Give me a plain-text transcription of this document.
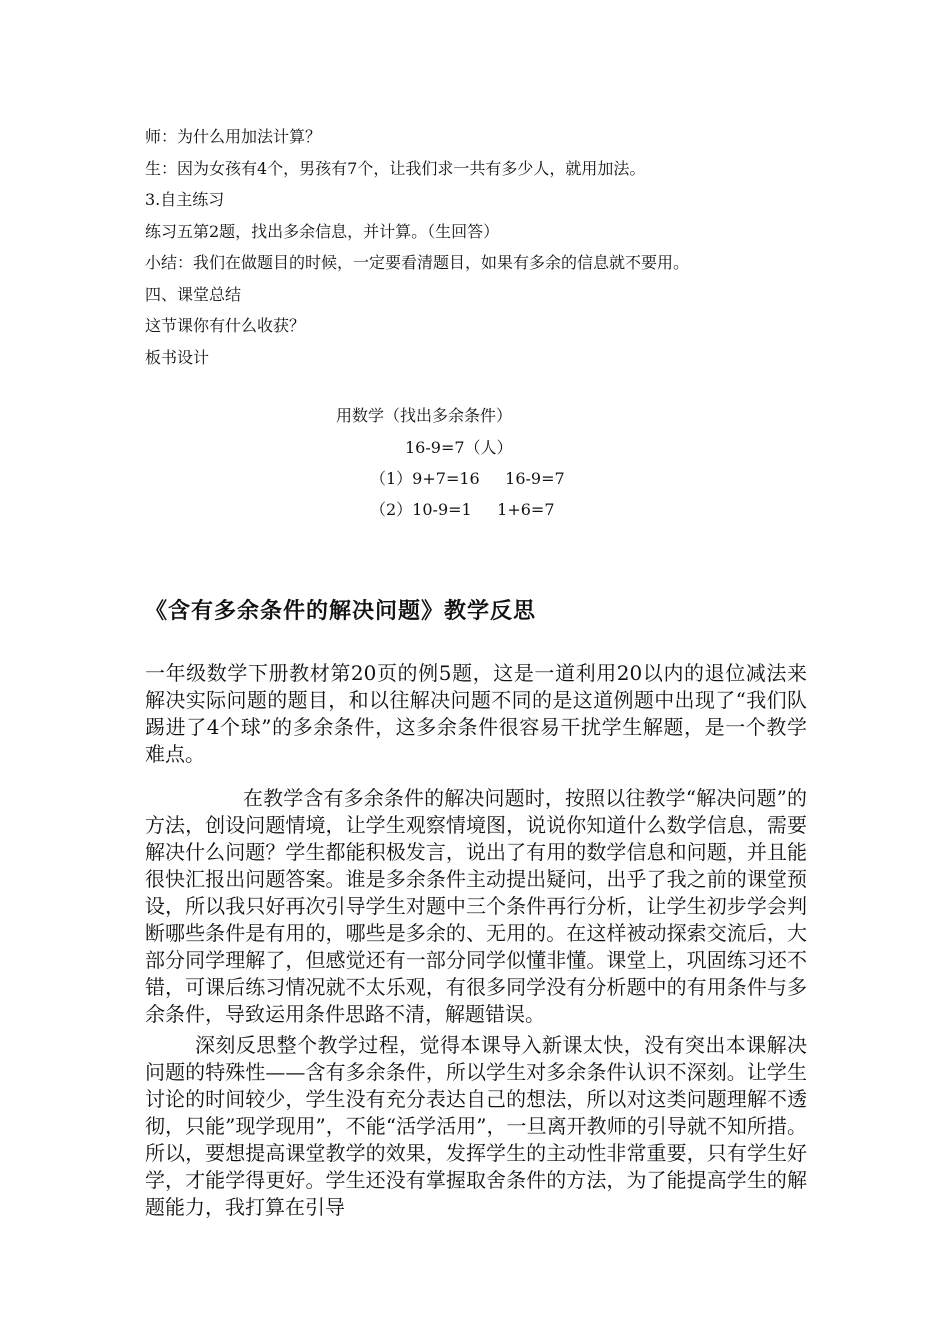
师：为什么用加法计算？
生：因为女孩有4个，男孩有7个，让我们求一共有多少人，就用加法。
3.自主练习
练习五第2题，找出多余信息，并计算。（生回答）
小结：我们在做题目的时候，一定要看清题目，如果有多余的信息就不要用。
四、课堂总结
这节课你有什么收获？
板书设计
用数学（找出多余条件）
16-9=7（人）
（1）9+7=16     16-9=7
（2）10-9=1     1+6=7
《含有多余条件的解决问题》教学反思
一年级数学下册教材第20页的例5题，这是一道利用20以内的退位减法来解决实际问题的题目，和以往解决问题不同的是这道例题中出现了“我们队踢进了4个球”的多余条件，这多余条件很容易干扰学生解题，是一个教学难点。
在教学含有多余条件的解决问题时，按照以往教学“解决问题”的方法，创设问题情境，让学生观察情境图，说说你知道什么数学信息，需要解决什么问题？学生都能积极发言，说出了有用的数学信息和问题，并且能很快汇报出问题答案。谁是多余条件主动提出疑问，出乎了我之前的课堂预设，所以我只好再次引导学生对题中三个条件再行分析，让学生初步学会判断哪些条件是有用的，哪些是多余的、无用的。在这样被动探索交流后，大部分同学理解了，但感觉还有一部分同学似懂非懂。课堂上，巩固练习还不错，可课后练习情况就不太乐观，有很多同学没有分析题中的有用条件与多余条件，导致运用条件思路不清，解题错误。
深刻反思整个教学过程，觉得本课导入新课太快，没有突出本课解决问题的特殊性——含有多余条件，所以学生对多余条件认识不深刻。让学生讨论的时间较少，学生没有充分表达自己的想法，所以对这类问题理解不透彻，只能”现学现用”，不能“活学活用”，一旦离开教师的引导就不知所措。所以，要想提高课堂教学的效果，发挥学生的主动性非常重要，只有学生好学，才能学得更好。学生还没有掌握取舍条件的方法，为了能提高学生的解题能力，我打算在引导
